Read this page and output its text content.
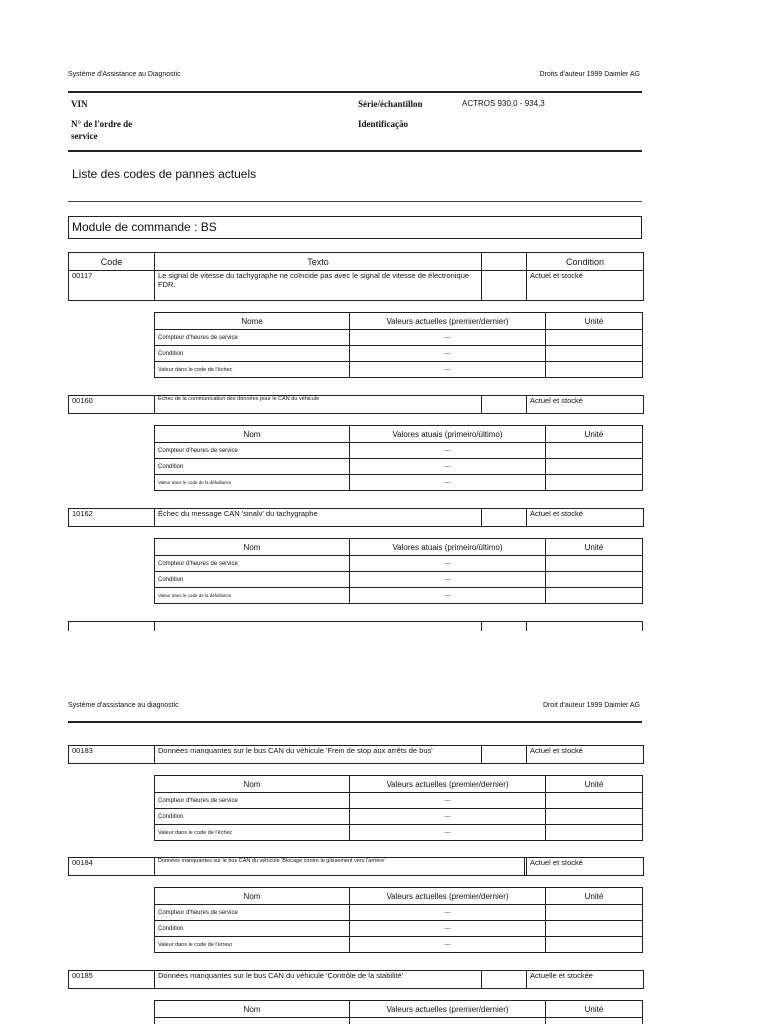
Système d'Assistance au Diagnostic	Droits d'auteur 1999 Daimler AG
VIN	Série/échantillon	ACTROS 930,0 - 934,3
N° de l'ordre de
service
Identificação
Liste des codes de pannes actuels
Module de commande : BS
Code	Texto		Condition
00117	Le signal de vitesse du tachygraphe ne coïncide pas avec le signal de vitesse de électronique FDR.		Actuel et stocké
Nome	Valeurs actuelles (premier/dernier)	Unité
Compteur d'heures de service	---	
Condition	---	
Valeur dans le code de l'échec	---	
00160	Échec de la communication des données pour le CAN du véhicule		Actuel et stocké
Nom	Valores atuais (primeiro/último)	Unité
Compteur d'heures de service	---	
Condition	---	
Valeur dans le code de la défaillance	---	
10162	Échec du message CAN 'sinalv' du tachygraphe		Actuel et stocké
Nom	Valores atuais (primeiro/último)	Unité
Compteur d'heures de service	---	
Condition	---	
Valeur dans le code de la défaillance	---	
Système d'assistance au diagnostic	Droit d'auteur 1999 Daimler AG
00183	Données manquantes sur le bus CAN du véhicule 'Frein de stop aux arrêts de bus'		Actuel et stocké
Nom	Valeurs actuelles (premier/dernier)	Unité
Compteur d'heures de service	---	
Condition	---	
Valeur dans le code de l'échec	---	
00184	Données manquantes sur le bus CAN du véhicule 'Blocage contre le glissement vers l'arrière'		Actuel et stocké
Nom	Valeurs actuelles (premier/dernier)	Unité
Compteur d'heures de service	---	
Condition	---	
Valeur dans le code de l'erreur	---	
00185	Données manquantes sur le bus CAN du véhicule 'Contrôle de la stabilité'		Actuelle et stockée
Nom	Valeurs actuelles (premier/dernier)	Unité
